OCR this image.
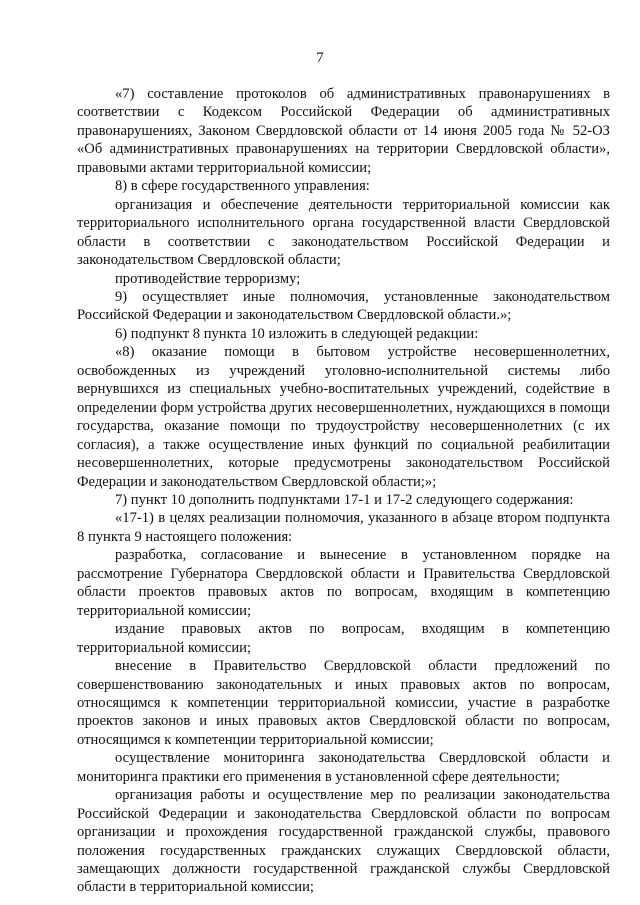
7

«7) составление протоколов об административных правонарушениях в соответствии с Кодексом Российской Федерации об административных правонарушениях, Законом Свердловской области от 14 июня 2005 года № 52-ОЗ «Об административных правонарушениях на территории Свердловской области», правовыми актами территориальной комиссии;

8) в сфере государственного управления:

организация и обеспечение деятельности территориальной комиссии как территориального исполнительного органа государственной власти Свердловской области в соответствии с законодательством Российской Федерации и законодательством Свердловской области;

противодействие терроризму;

9) осуществляет иные полномочия, установленные законодательством Российской Федерации и законодательством Свердловской области.»;

6) подпункт 8 пункта 10 изложить в следующей редакции:

«8) оказание помощи в бытовом устройстве несовершеннолетних, освобожденных из учреждений уголовно-исполнительной системы либо вернувшихся из специальных учебно-воспитательных учреждений, содействие в определении форм устройства других несовершеннолетних, нуждающихся в помощи государства, оказание помощи по трудоустройству несовершеннолетних (с их согласия), а также осуществление иных функций по социальной реабилитации несовершеннолетних, которые предусмотрены законодательством Российской Федерации и законодательством Свердловской области;»;

7) пункт 10 дополнить подпунктами 17-1 и 17-2 следующего содержания:

«17-1) в целях реализации полномочия, указанного в абзаце втором подпункта 8 пункта 9 настоящего положения:

разработка, согласование и вынесение в установленном порядке на рассмотрение Губернатора Свердловской области и Правительства Свердловской области проектов правовых актов по вопросам, входящим в компетенцию территориальной комиссии;

издание правовых актов по вопросам, входящим в компетенцию территориальной комиссии;

внесение в Правительство Свердловской области предложений по совершенствованию законодательных и иных правовых актов по вопросам, относящимся к компетенции территориальной комиссии, участие в разработке проектов законов и иных правовых актов Свердловской области по вопросам, относящимся к компетенции территориальной комиссии;

осуществление мониторинга законодательства Свердловской области и мониторинга практики его применения в установленной сфере деятельности;

организация работы и осуществление мер по реализации законодательства Российской Федерации и законодательства Свердловской области по вопросам организации и прохождения государственной гражданской службы, правового положения государственных гражданских служащих Свердловской области, замещающих должности государственной гражданской службы Свердловской области в территориальной комиссии;
